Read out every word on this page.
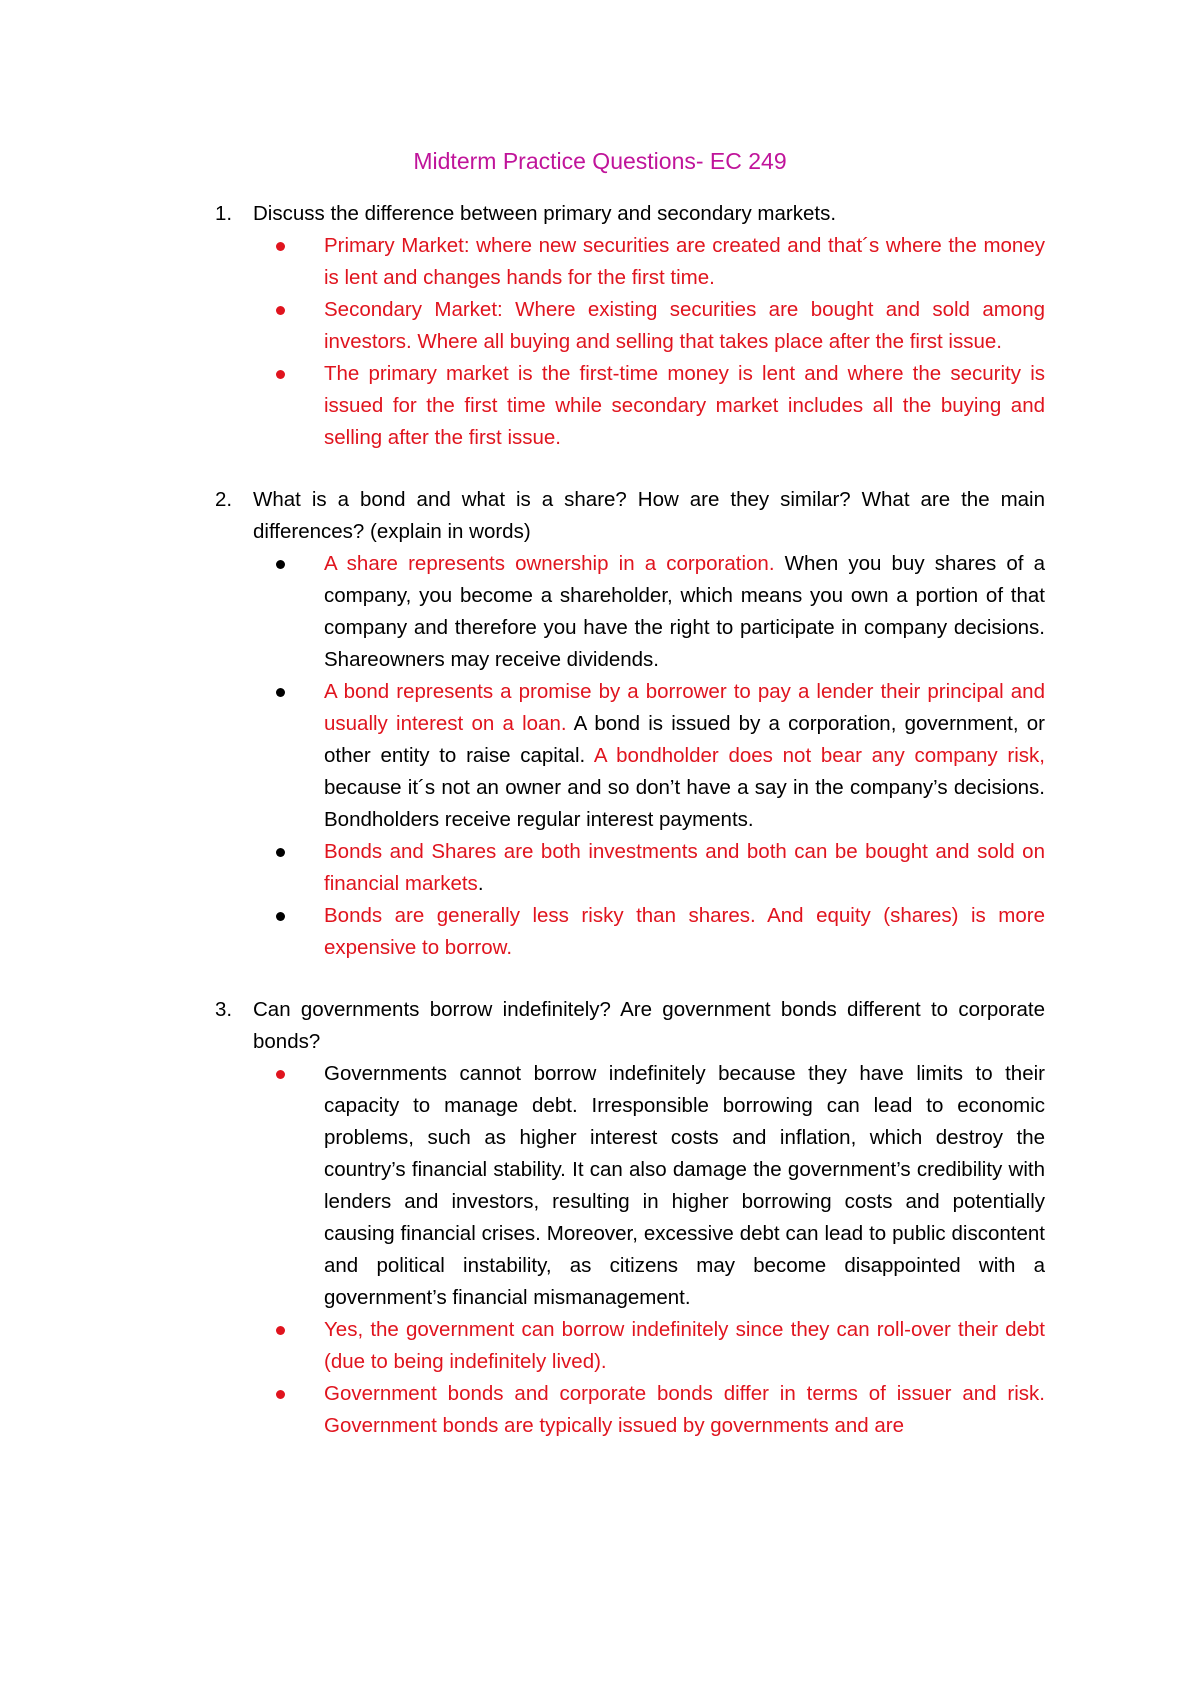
Midterm Practice Questions- EC 249
1. Discuss the difference between primary and secondary markets.
Primary Market: where new securities are created and that´s where the money is lent and changes hands for the first time.
Secondary Market: Where existing securities are bought and sold among investors. Where all buying and selling that takes place after the first issue.
The primary market is the first-time money is lent and where the security is issued for the first time while secondary market includes all the buying and selling after the first issue.
2. What is a bond and what is a share? How are they similar? What are the main differences? (explain in words)
A share represents ownership in a corporation. When you buy shares of a company, you become a shareholder, which means you own a portion of that company and therefore you have the right to participate in company decisions. Shareowners may receive dividends.
A bond represents a promise by a borrower to pay a lender their principal and usually interest on a loan. A bond is issued by a corporation, government, or other entity to raise capital. A bondholder does not bear any company risk, because it´s not an owner and so don’t have a say in the company’s decisions. Bondholders receive regular interest payments.
Bonds and Shares are both investments and both can be bought and sold on financial markets.
Bonds are generally less risky than shares. And equity (shares) is more expensive to borrow.
3. Can governments borrow indefinitely? Are government bonds different to corporate bonds?
Governments cannot borrow indefinitely because they have limits to their capacity to manage debt. Irresponsible borrowing can lead to economic problems, such as higher interest costs and inflation, which destroy the country’s financial stability. It can also damage the government’s credibility with lenders and investors, resulting in higher borrowing costs and potentially causing financial crises. Moreover, excessive debt can lead to public discontent and political instability, as citizens may become disappointed with a government’s financial mismanagement.
Yes, the government can borrow indefinitely since they can roll-over their debt (due to being indefinitely lived).
Government bonds and corporate bonds differ in terms of issuer and risk. Government bonds are typically issued by governments and are
